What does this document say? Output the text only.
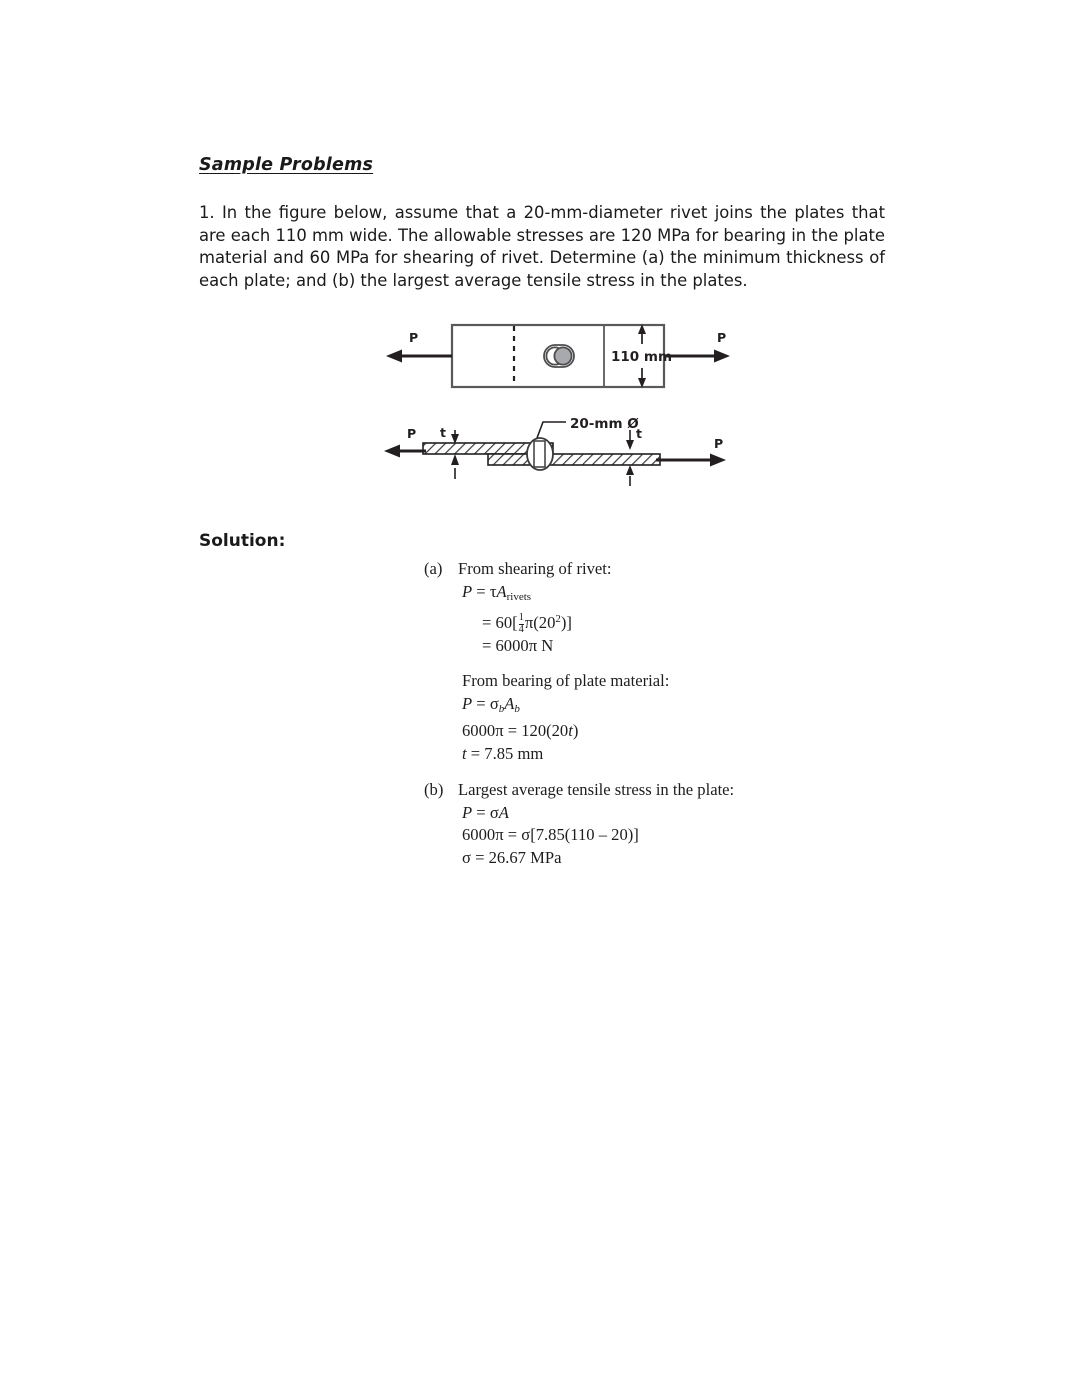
Sample Problems
1. In the figure below, assume that a 20-mm-diameter rivet joins the plates that are each 110 mm wide. The allowable stresses are 120 MPa for bearing in the plate material and 60 MPa for shearing of rivet. Determine (a) the minimum thickness of each plate; and (b) the largest average tensile stress in the plates.
P	P
110 mm
P
P
t	t
20-mm Ø
Solution:
(a) From shearing of rivet:
$P = \tau A_{rivets}$
= $60[ \frac{1}{4} \pi(20^2)]$
= 6000π N
From bearing of plate material:
$P = \sigma_bA_b$
6000π = 120(20t)
t = 7.85 mm
(b) Largest average tensile stress in the plate:
P = σA
6000π = σ[7.85(110 – 20)]
σ = 26.67 MPa
